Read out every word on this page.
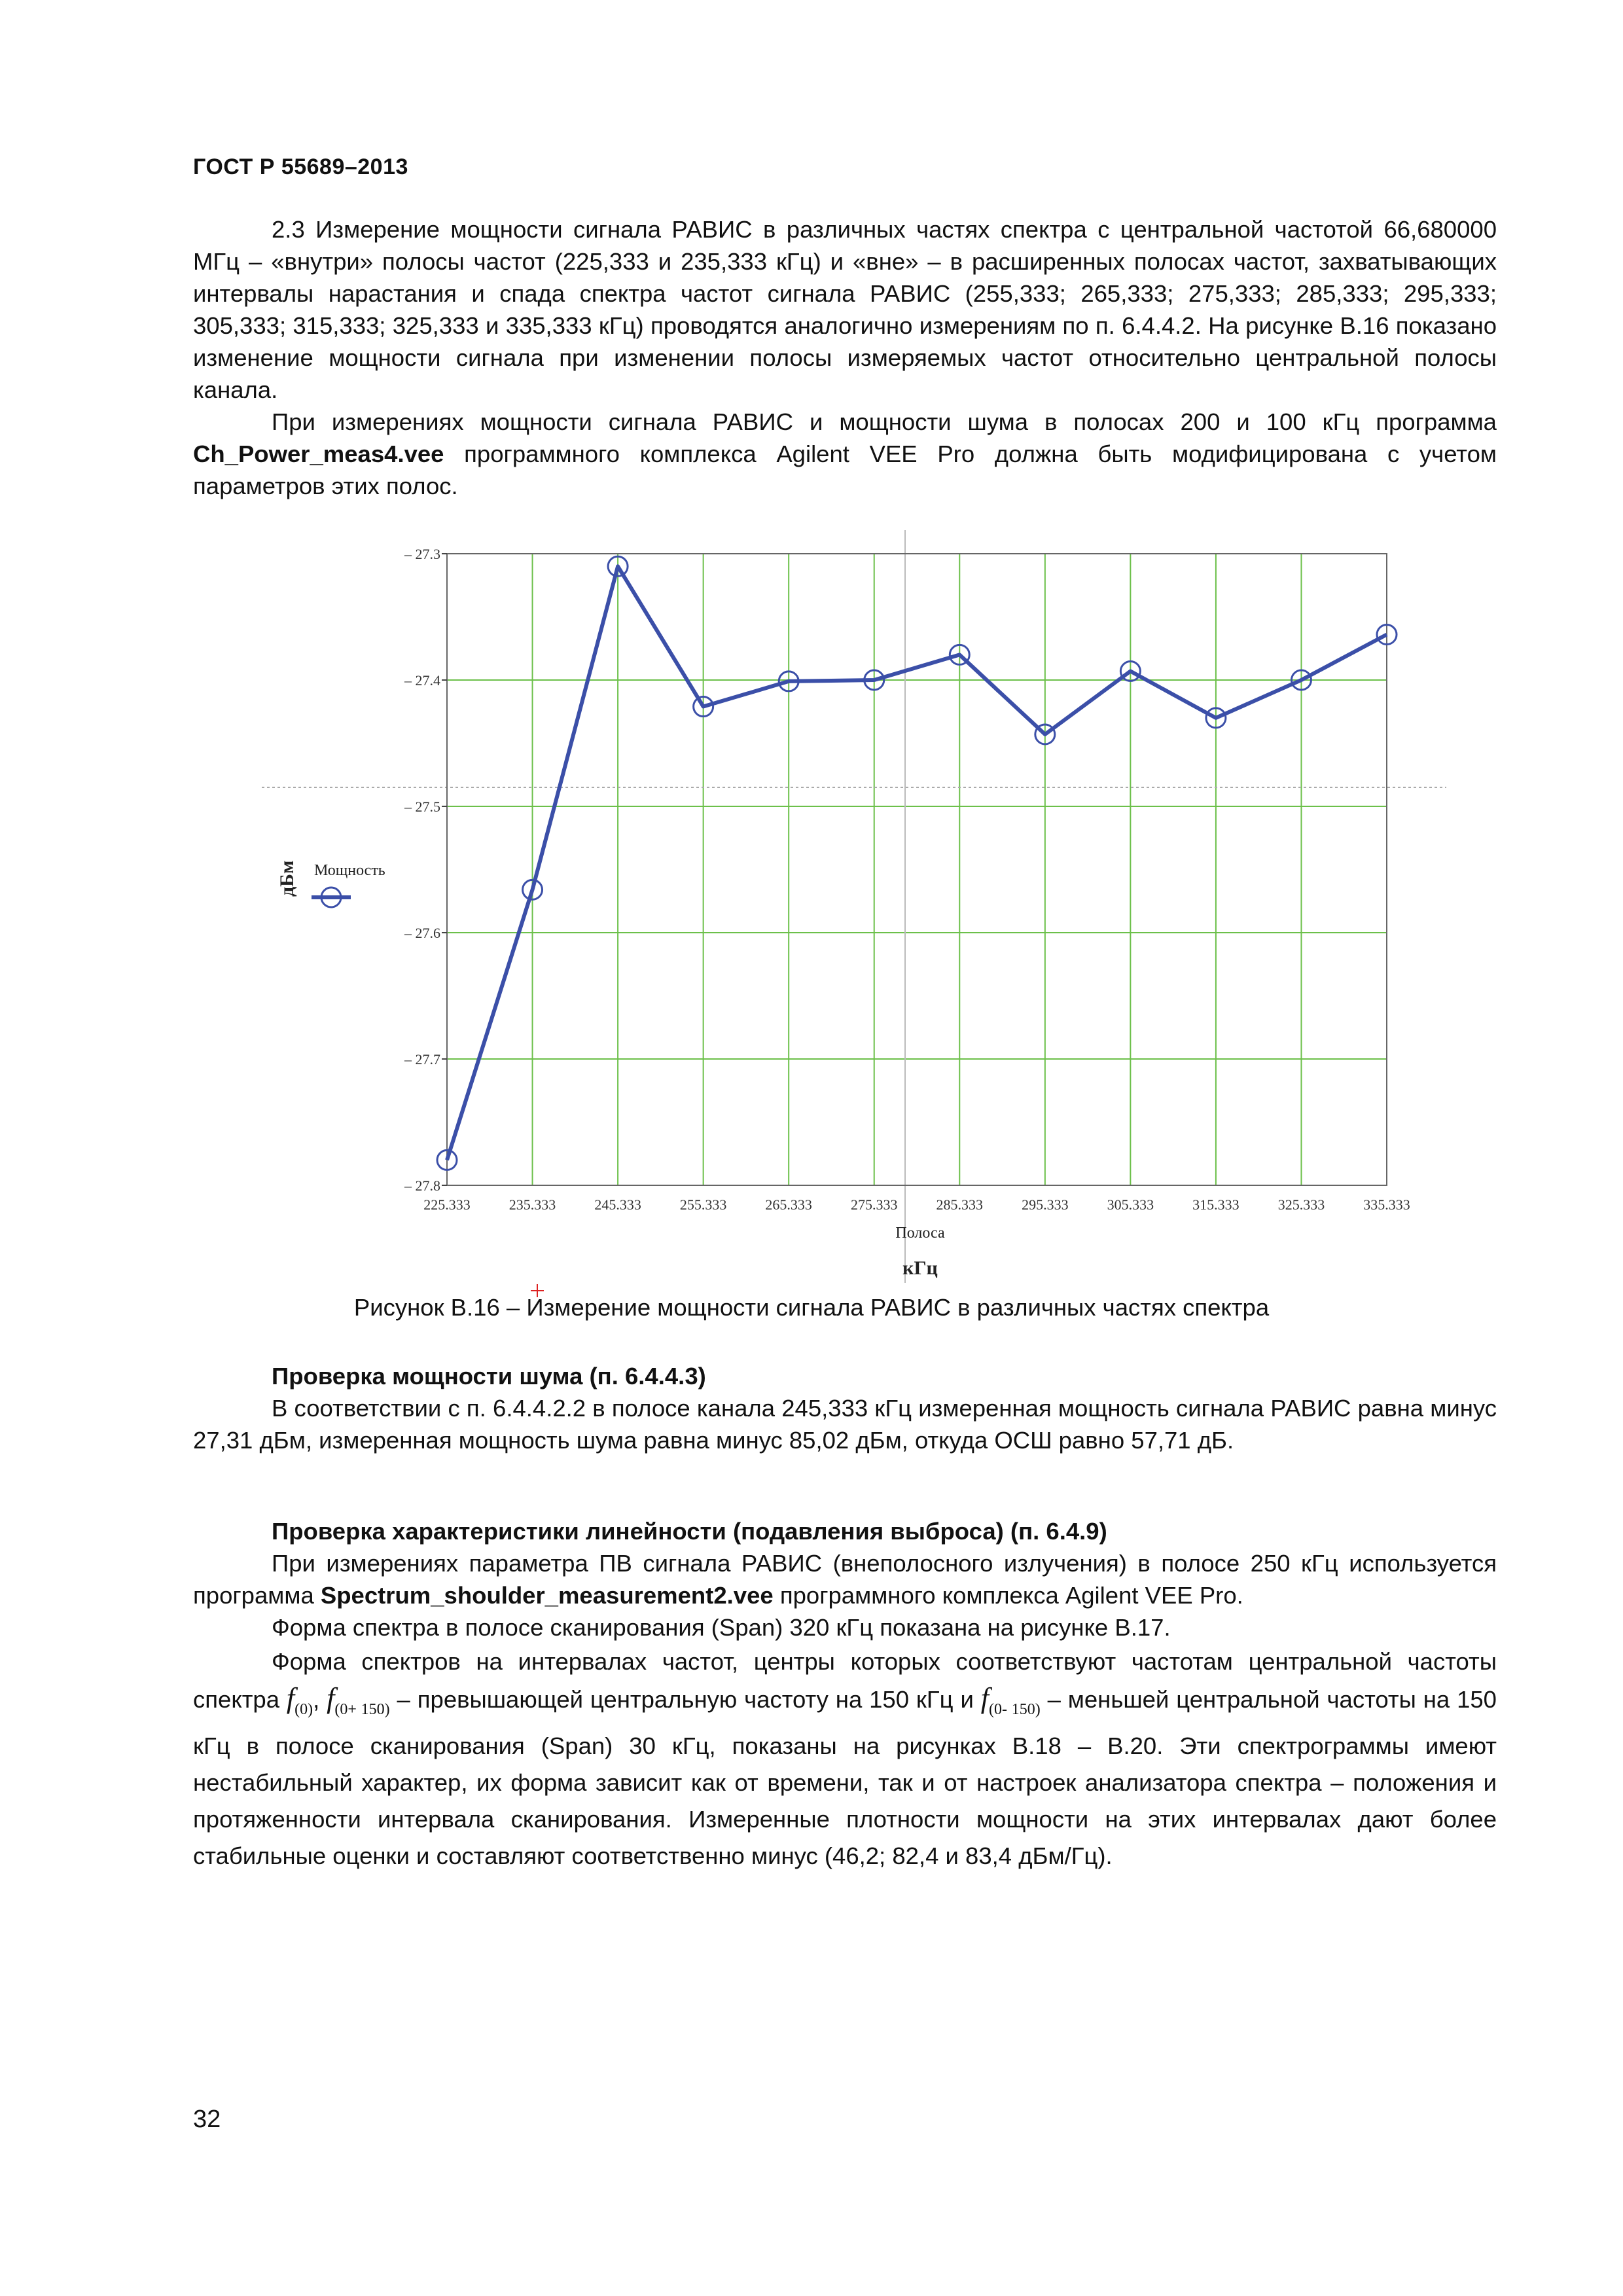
ГОСТ Р 55689–2013

2.3 Измерение мощности сигнала РАВИС в различных частях спектра с центральной частотой 66,680000 МГц – «внутри» полосы частот (225,333 и 235,333 кГц) и «вне» – в расширенных полосах частот, захватывающих интервалы нарастания и спада спектра частот сигнала РАВИС (255,333; 265,333; 275,333; 285,333; 295,333; 305,333; 315,333; 325,333 и 335,333 кГц) проводятся аналогично измерениям по п. 6.4.4.2. На рисунке В.16 показано изменение мощности сигнала при изменении полосы измеряемых частот относительно центральной полосы канала.

При измерениях мощности сигнала РАВИС и мощности шума в полосах 200 и 100 кГц программа Ch_Power_meas4.vee программного комплекса Agilent VEE Pro должна быть модифицирована с учетом параметров этих полос.

335.333
325.333
315.333
305.333
295.333
285.333
275.333
265.333
255.333
245.333
235.333
225.333
– 27.8
– 27.7
– 27.6
– 27.5
– 27.4
– 27.3
Мощность
дБм
Полоса
кГц
Рисунок В.16 – Измерение мощности сигнала РАВИС в различных частях спектра

Проверка мощности шума (п. 6.4.4.3)

В соответствии с п. 6.4.4.2.2 в полосе канала 245,333 кГц измеренная мощность сигнала РАВИС равна минус 27,31 дБм, измеренная мощность шума равна минус 85,02 дБм, откуда ОСШ равно 57,71 дБ.

Проверка характеристики линейности (подавления выброса) (п. 6.4.9)

При измерениях параметра ПВ сигнала РАВИС (внеполосного излучения) в полосе 250 кГц используется программа Spectrum_shoulder_measurement2.vee программного комплекса Agilent VEE Pro.

Форма спектра в полосе сканирования (Span) 320 кГц показана на рисунке В.17.

Форма спектров на интервалах частот, центры которых соответствуют частотам центральной частоты спектра $f_{(0)}$, $f_{(0+ 150)}$ – превышающей центральную частоту на 150 кГц и $f_{(0- 150)}$ – меньшей центральной частоты на 150 кГц в полосе сканирования (Span) 30 кГц, показаны на рисунках В.18 – В.20. Эти спектрограммы имеют нестабильный характер, их форма зависит как от времени, так и от настроек анализатора спектра – положения и протяженности интервала сканирования. Измеренные плотности мощности на этих интервалах дают более стабильные оценки и составляют соответственно минус (46,2; 82,4 и 83,4 дБм/Гц).

32
